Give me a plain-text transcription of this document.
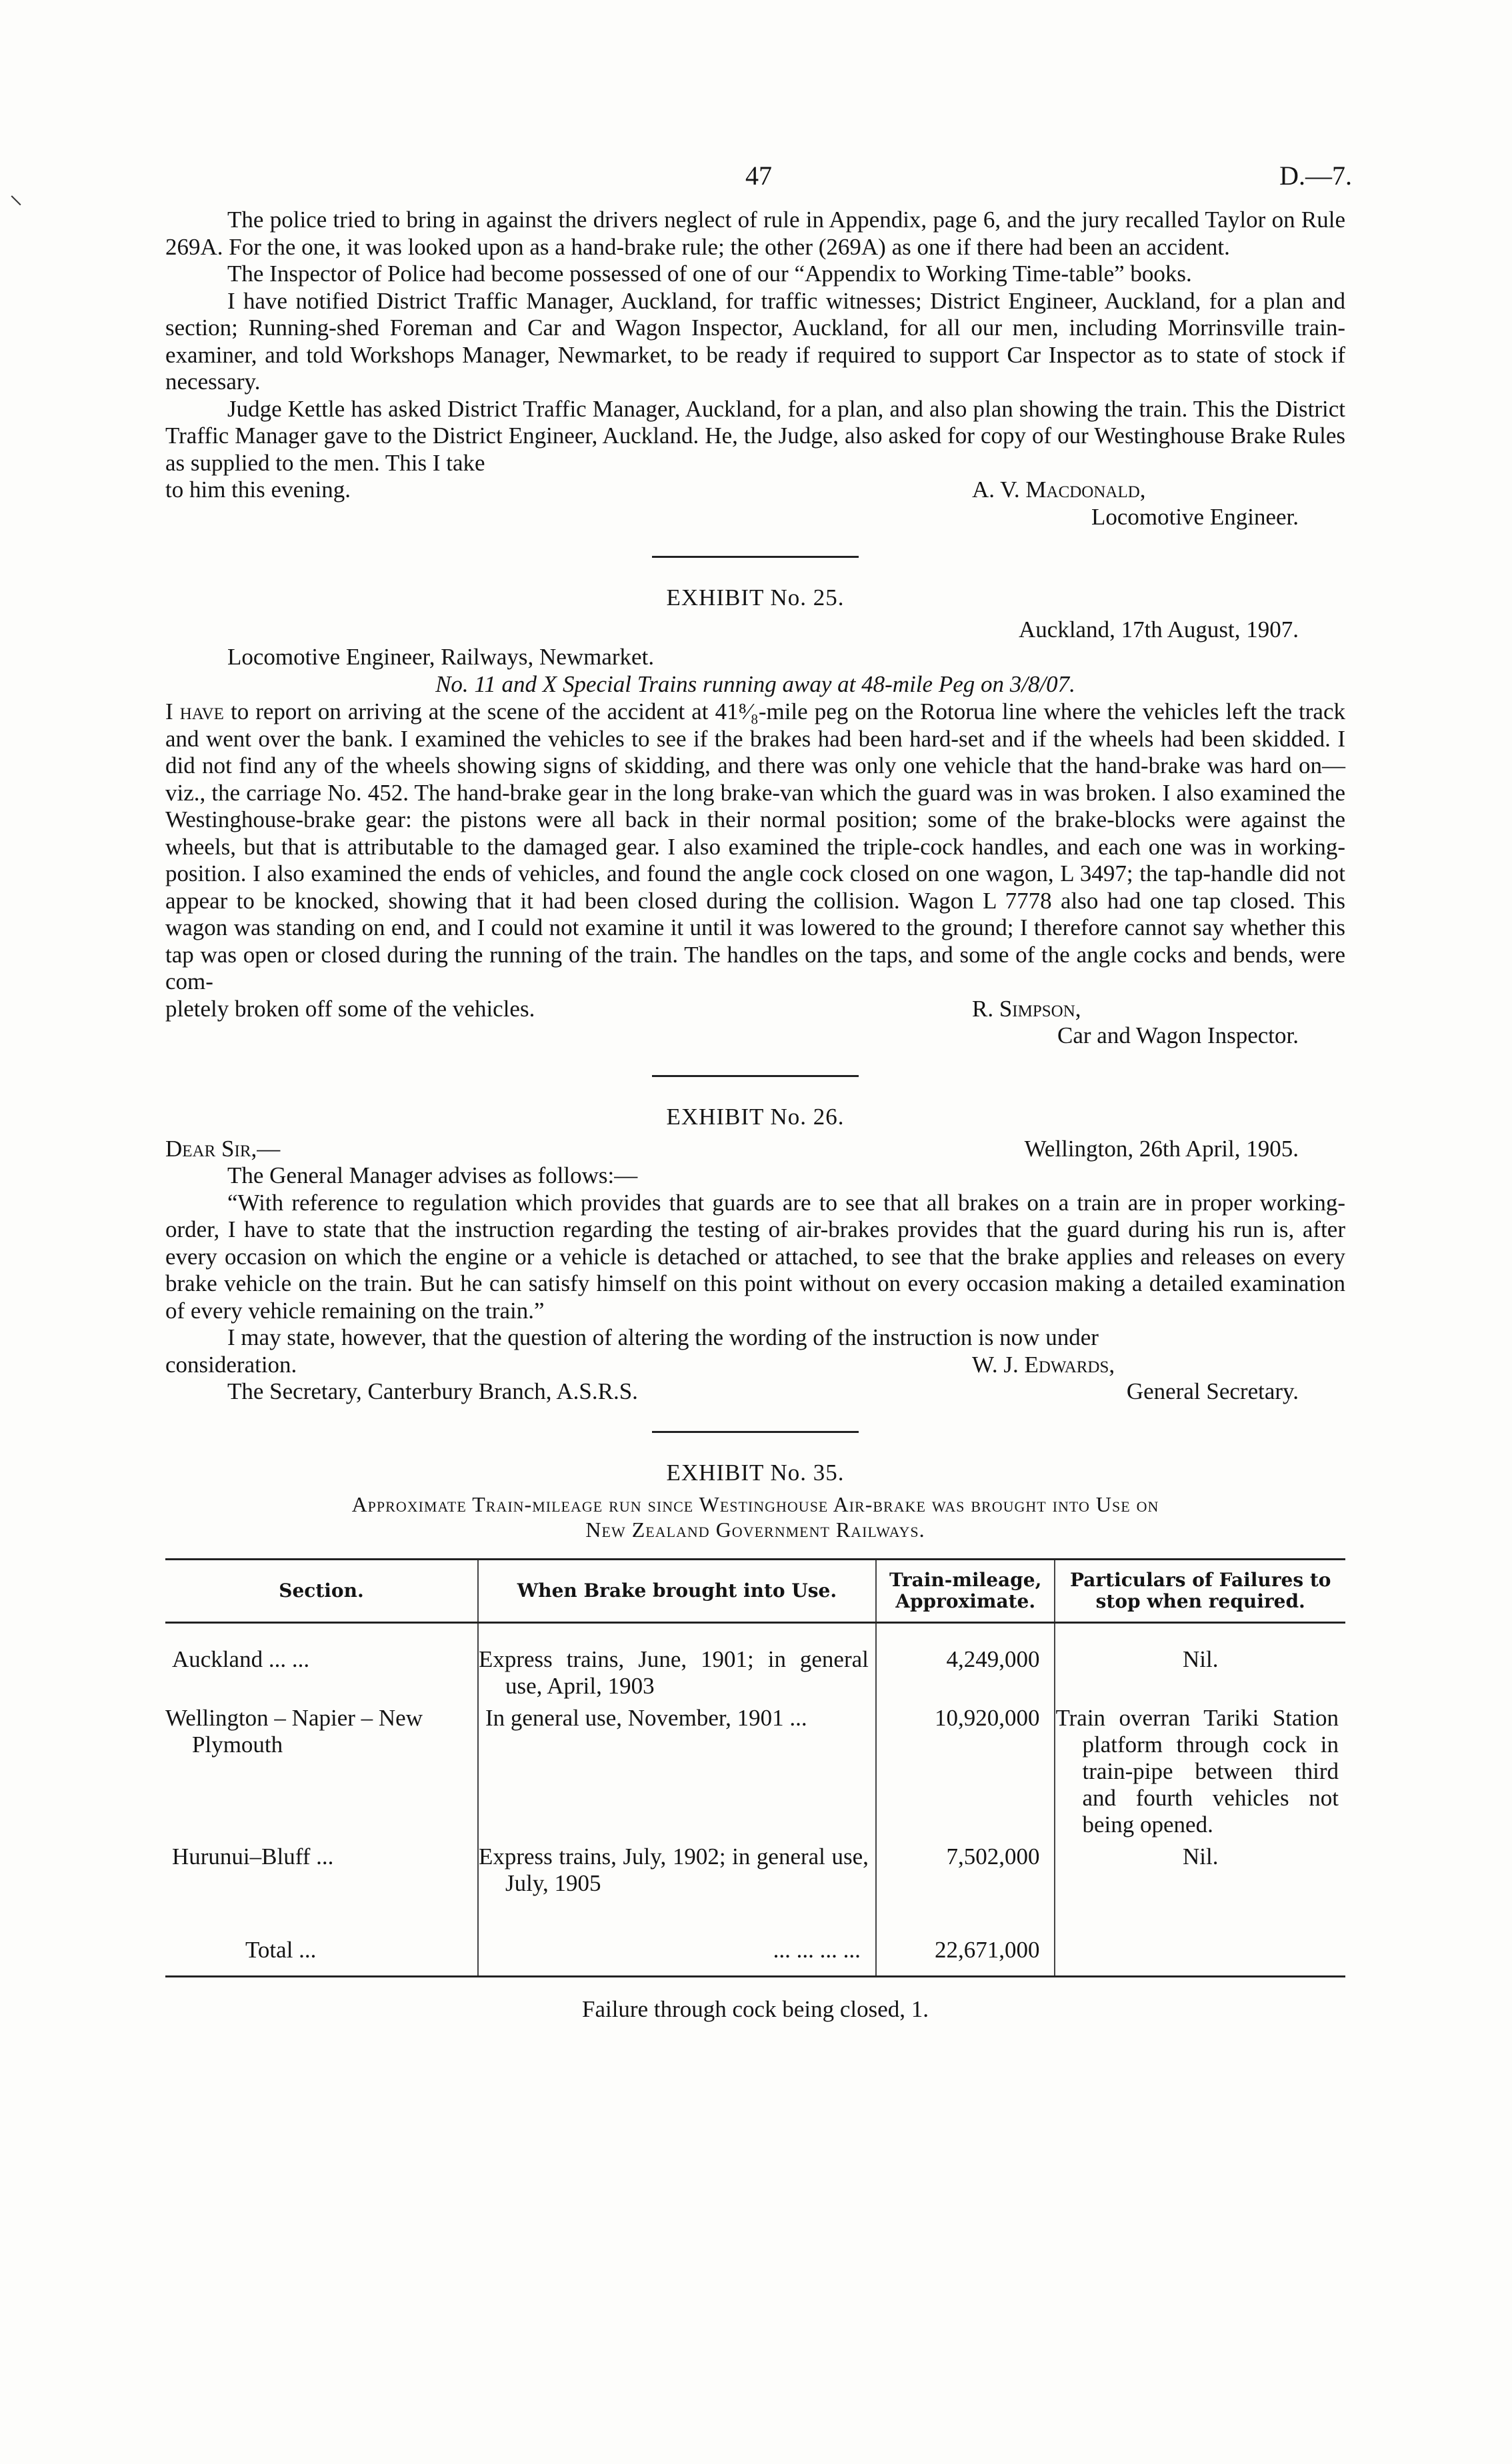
⸜
47	D.—7.

The police tried to bring in against the drivers neglect of rule in Appendix, page 6, and the jury recalled Taylor on Rule 269A. For the one, it was looked upon as a hand-brake rule; the other (269A) as one if there had been an accident.

The Inspector of Police had become possessed of one of our “Appendix to Working Time-table” books.

I have notified District Traffic Manager, Auckland, for traffic witnesses; District Engineer, Auckland, for a plan and section; Running-shed Foreman and Car and Wagon Inspector, Auckland, for all our men, including Morrinsville train-examiner, and told Workshops Manager, Newmarket, to be ready if required to support Car Inspector as to state of stock if necessary.

Judge Kettle has asked District Traffic Manager, Auckland, for a plan, and also plan showing the train. This the District Traffic Manager gave to the District Engineer, Auckland. He, the Judge, also asked for copy of our Westinghouse Brake Rules as supplied to the men. This I take

to him this evening.	A. V. Macdonald,
Locomotive Engineer.
EXHIBIT No. 25.
Auckland, 17th August, 1907.

Locomotive Engineer, Railways, Newmarket.

No. 11 and X Special Trains running away at 48-mile Peg on 3/8/07.

I have to report on arriving at the scene of the accident at 41⁸⁄₈-mile peg on the Rotorua line where the vehicles left the track and went over the bank. I examined the vehicles to see if the brakes had been hard-set and if the wheels had been skidded. I did not find any of the wheels showing signs of skidding, and there was only one vehicle that the hand-brake was hard on—viz., the carriage No. 452. The hand-brake gear in the long brake-van which the guard was in was broken. I also examined the Westinghouse-brake gear: the pistons were all back in their normal position; some of the brake-blocks were against the wheels, but that is attributable to the damaged gear. I also examined the triple-cock handles, and each one was in working-position. I also examined the ends of vehicles, and found the angle cock closed on one wagon, L 3497; the tap-handle did not appear to be knocked, showing that it had been closed during the collision. Wagon L 7778 also had one tap closed. This wagon was standing on end, and I could not examine it until it was lowered to the ground; I therefore cannot say whether this tap was open or closed during the running of the train. The handles on the taps, and some of the angle cocks and bends, were com-

pletely broken off some of the vehicles.	R. Simpson,
Car and Wagon Inspector.
EXHIBIT No. 26.
Dear Sir,—	Wellington, 26th April, 1905.

The General Manager advises as follows:—

“With reference to regulation which provides that guards are to see that all brakes on a train are in proper working-order, I have to state that the instruction regarding the testing of air-brakes provides that the guard during his run is, after every occasion on which the engine or a vehicle is detached or attached, to see that the brake applies and releases on every brake vehicle on the train. But he can satisfy himself on this point without on every occasion making a detailed examination of every vehicle remaining on the train.”

I may state, however, that the question of altering the wording of the instruction is now under

consideration.	W. J. Edwards,
The Secretary, Canterbury Branch, A.S.R.S.	General Secretary.
EXHIBIT No. 35.
Approximate Train-mileage run since Westinghouse Air-brake was brought into Use on
New Zealand Government Railways.
Section.	When Brake brought into Use.	Train-mileage, Approximate.	Particulars of Failures to stop when required.
Auckland ... ...	Express trains, June, 1901; in general use, April, 1903	4,249,000	Nil.
Wellington – Napier – New Plymouth	In general use, November, 1901 ...	10,920,000	Train overran Tariki Station platform through cock in train-pipe between third and fourth vehicles not being opened.
Hurunui–Bluff ...	Express trains, July, 1902; in general use, July, 1905	7,502,000	Nil.
Total ...	... ... ... ...	22,671,000	
Failure through cock being closed, 1.
